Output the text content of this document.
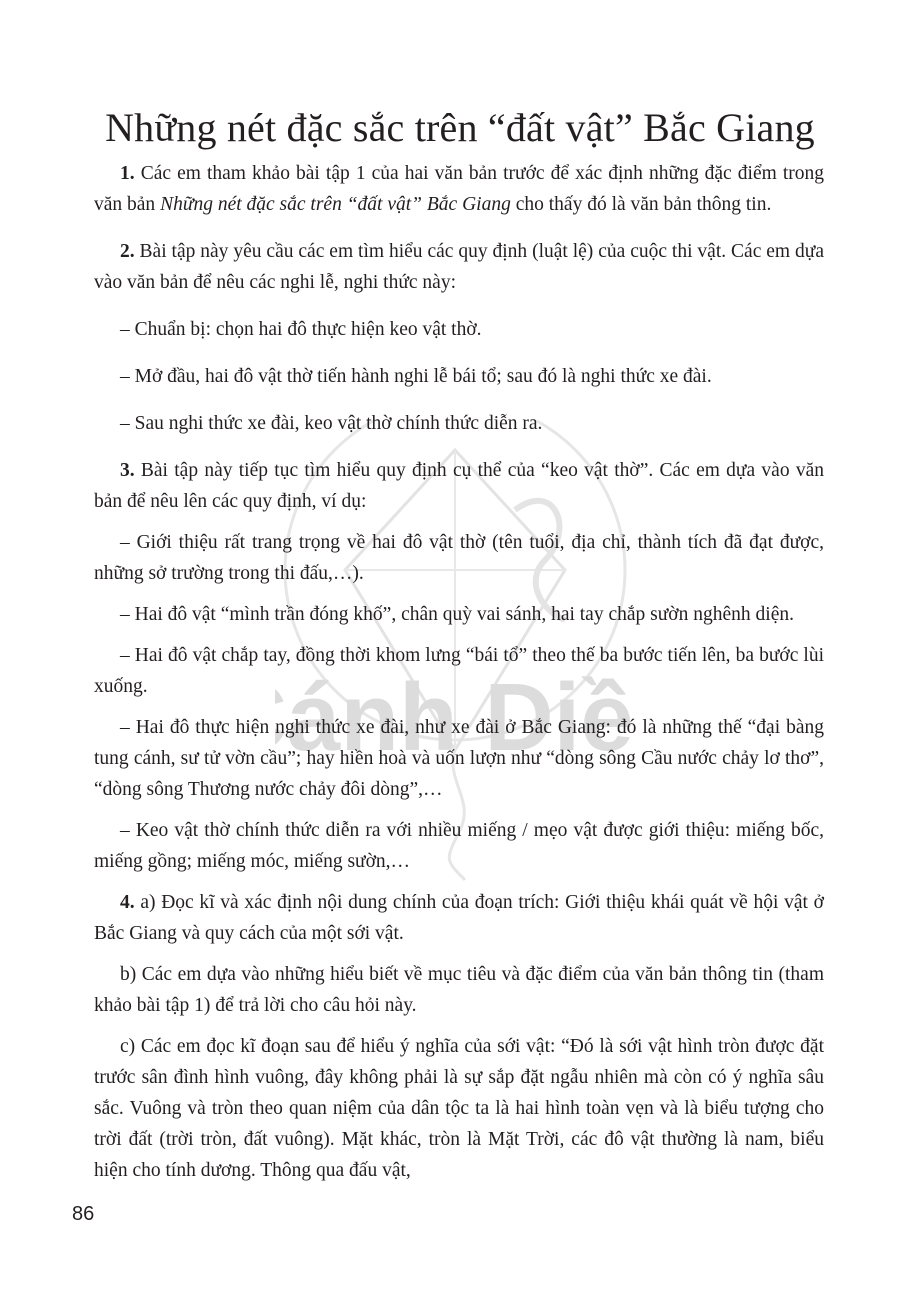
ánh Diề
Những nét đặc sắc trên “đất vật” Bắc Giang

1. Các em tham khảo bài tập 1 của hai văn bản trước để xác định những đặc điểm trong văn bản Những nét đặc sắc trên “đất vật” Bắc Giang cho thấy đó là văn bản thông tin.

2. Bài tập này yêu cầu các em tìm hiểu các quy định (luật lệ) của cuộc thi vật. Các em dựa vào văn bản để nêu các nghi lễ, nghi thức này:

– Chuẩn bị: chọn hai đô thực hiện keo vật thờ.

– Mở đầu, hai đô vật thờ tiến hành nghi lễ bái tổ; sau đó là nghi thức xe đài.

– Sau nghi thức xe đài, keo vật thờ chính thức diễn ra.

3. Bài tập này tiếp tục tìm hiểu quy định cụ thể của “keo vật thờ”. Các em dựa vào văn bản để nêu lên các quy định, ví dụ:

– Giới thiệu rất trang trọng về hai đô vật thờ (tên tuổi, địa chỉ, thành tích đã đạt được, những sở trường trong thi đấu,…).

– Hai đô vật “mình trần đóng khố”, chân quỳ vai sánh, hai tay chắp sườn nghênh diện.

– Hai đô vật chắp tay, đồng thời khom lưng “bái tổ” theo thế ba bước tiến lên, ba bước lùi xuống.

– Hai đô thực hiện nghi thức xe đài, như xe đài ở Bắc Giang: đó là những thế “đại bàng tung cánh, sư tử vờn cầu”; hay hiền hoà và uốn lượn như “dòng sông Cầu nước chảy lơ thơ”, “dòng sông Thương nước chảy đôi dòng”,…

– Keo vật thờ chính thức diễn ra với nhiều miếng / mẹo vật được giới thiệu: miếng bốc, miếng gồng; miếng móc, miếng sườn,…

4. a) Đọc kĩ và xác định nội dung chính của đoạn trích: Giới thiệu khái quát về hội vật ở Bắc Giang và quy cách của một sới vật.

b) Các em dựa vào những hiểu biết về mục tiêu và đặc điểm của văn bản thông tin (tham khảo bài tập 1) để trả lời cho câu hỏi này.

c) Các em đọc kĩ đoạn sau để hiểu ý nghĩa của sới vật: “Đó là sới vật hình tròn được đặt trước sân đình hình vuông, đây không phải là sự sắp đặt ngẫu nhiên mà còn có ý nghĩa sâu sắc. Vuông và tròn theo quan niệm của dân tộc ta là hai hình toàn vẹn và là biểu tượng cho trời đất (trời tròn, đất vuông). Mặt khác, tròn là Mặt Trời, các đô vật thường là nam, biểu hiện cho tính dương. Thông qua đấu vật,

86
